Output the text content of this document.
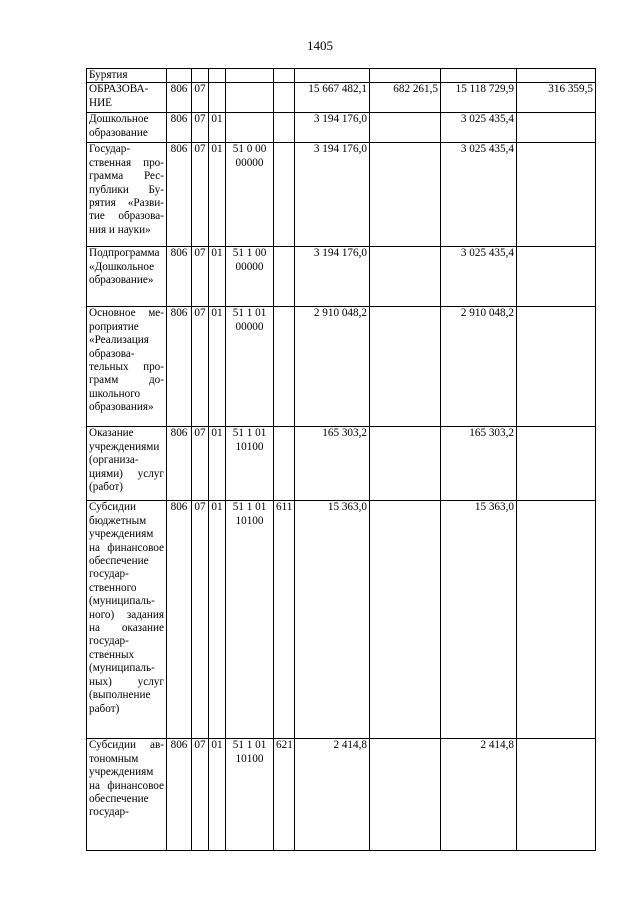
1405
Бурятия									
ОБРАЗОВА-НИЕ	806	07				15 667 482,1	682 261,5	15 118 729,9	316 359,5
Дошкольное образование	806	07	01			3 194 176,0		3 025 435,4	
Государственная программа Республики Бурятия «Развитие образования и науки»	806	07	01	51 0 00 00000		3 194 176,0		3 025 435,4	
Подпрограмма «Дошкольное образование»	806	07	01	51 1 00 00000		3 194 176,0		3 025 435,4	
Основное мероприятие «Реализация образовательных программ дошкольного образования»	806	07	01	51 1 01 00000		2 910 048,2		2 910 048,2	
Оказание учреждениями (организациями) услуг (работ)	806	07	01	51 1 01 10100		165 303,2		165 303,2	
Субсидии бюджетным учреждениям на финансовое обеспечение государственного (муниципального) задания на оказание государственных (муниципальных) услуг (выполнение работ)	806	07	01	51 1 01 10100	611	15 363,0		15 363,0	
Субсидии автономным учреждениям на финансовое обеспечение государ-	806	07	01	51 1 01 10100	621	2 414,8		2 414,8	
